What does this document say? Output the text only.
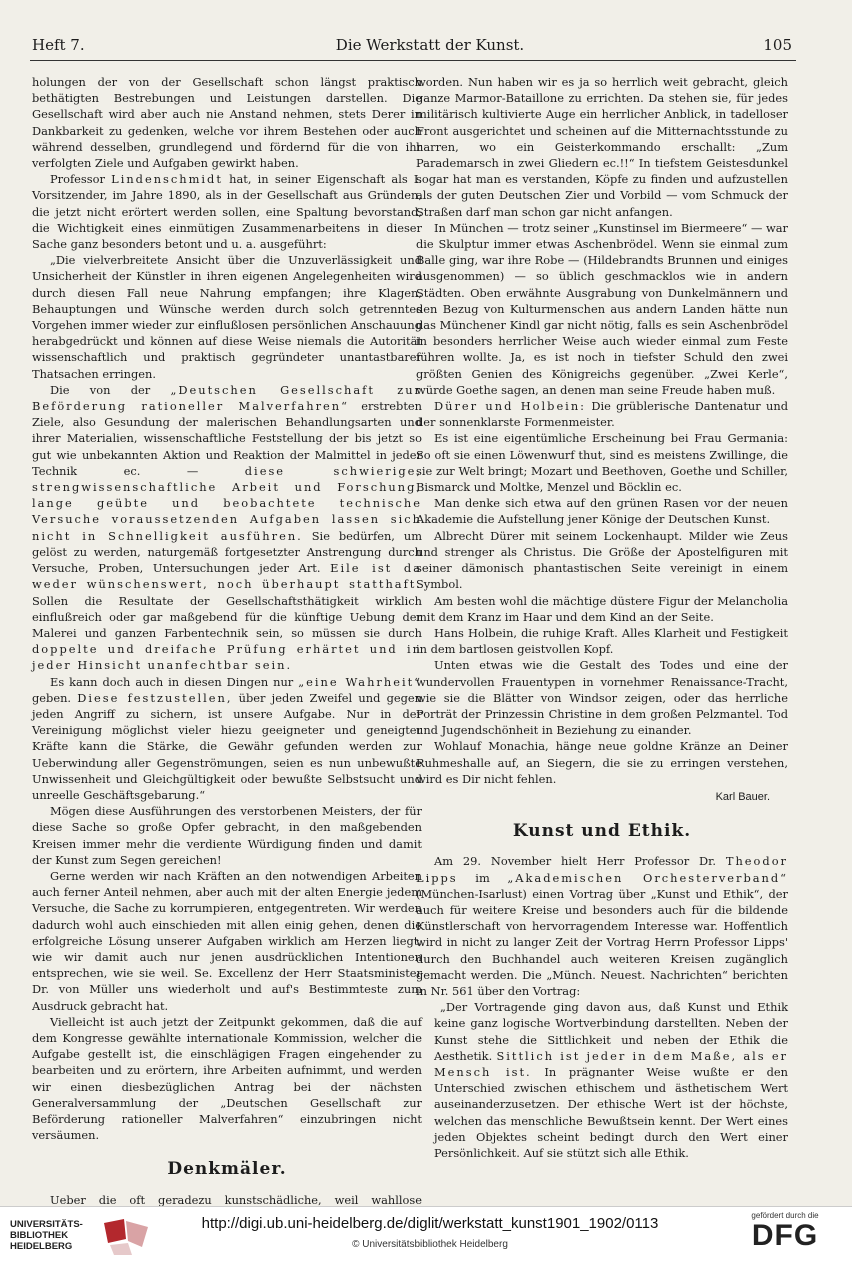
Heft 7.	Die Werkstatt der Kunst.	105

holungen der von der Gesellschaft schon längst praktisch bethätigten Bestrebungen und Leistungen darstellen. Die Gesellschaft wird aber auch nie Anstand nehmen, stets Derer in Dankbarkeit zu gedenken, welche vor ihrem Bestehen oder auch während desselben, grundlegend und fördernd für die von ihr verfolgten Ziele und Aufgaben gewirkt haben.

Professor Lindenschmidt hat, in seiner Eigenschaft als I. Vorsitzender, im Jahre 1890, als in der Gesellschaft aus Gründen, die jetzt nicht erörtert werden sollen, eine Spaltung bevorstand, die Wichtigkeit eines einmütigen Zusammenarbeitens in dieser Sache ganz besonders betont und u. a. ausgeführt:

„Die vielverbreitete Ansicht über die Unzuverlässigkeit und Unsicherheit der Künstler in ihren eigenen Angelegenheiten wird durch diesen Fall neue Nahrung empfangen; ihre Klagen, Behauptungen und Wünsche werden durch solch getrenntes Vorgehen immer wieder zur einflußlosen persönlichen Anschauung herabgedrückt und können auf diese Weise niemals die Autorität wissenschaftlich und praktisch gegründeter unantastbarer Thatsachen erringen.

Die von der „Deutschen Gesellschaft zur Beförderung rationeller Malverfahren“ erstrebten Ziele, also Gesundung der malerischen Behandlungsarten und ihrer Materialien, wissenschaftliche Feststellung der bis jetzt so gut wie unbekannten Aktion und Reaktion der Malmittel in jeder Technik ec. —	diese schwierige, strengwissenschaftliche Arbeit und Forschung, lange geübte und beobachtete technische Versuche voraussetzenden Aufgaben lassen sich nicht in Schnelligkeit ausführen. Sie bedürfen, um gelöst zu werden, naturgemäß fortgesetzter Anstrengung durch Versuche, Proben, Untersuchungen jeder Art. Eile ist da weder wünschenswert, noch überhaupt statthaft. Sollen die Resultate der Gesellschaftsthätigkeit wirklich einflußreich oder gar maßgebend für die künftige Uebung der Malerei und ganzen Farbentechnik sein, so müssen sie durch doppelte und dreifache Prüfung erhärtet und in jeder Hinsicht unanfechtbar sein.

Es kann doch auch in diesen Dingen nur „eine Wahrheit“ geben. Diese festzustellen, über jeden Zweifel und gegen jeden Angriff zu sichern, ist unsere Aufgabe. Nur in der Vereinigung möglichst vieler hiezu geeigneter und geneigter Kräfte kann die Stärke, die Gewähr gefunden werden zur Ueberwindung aller Gegenströmungen, seien es nun unbewußte Unwissenheit und Gleichgültigkeit oder bewußte Selbstsucht und unreelle Geschäftsgebarung.“

Mögen diese Ausführungen des verstorbenen Meisters, der für diese Sache so große Opfer gebracht, in den maßgebenden Kreisen immer mehr die verdiente Würdigung finden und damit der Kunst zum Segen gereichen!

Gerne werden wir nach Kräften an den notwendigen Arbeiten auch ferner Anteil nehmen, aber auch mit der alten Energie jedem Versuche, die Sache zu korrumpieren, entgegentreten. Wir werden dadurch wohl auch einschieden mit allen einig gehen, denen die erfolgreiche Lösung unserer Aufgaben wirklich am Herzen liegt, wie wir damit auch nur jenen ausdrücklichen Intentionen entsprechen, wie sie weil. Se. Excellenz der Herr Staatsminister Dr. von Müller uns wiederholt und auf's Bestimmteste zum Ausdruck gebracht hat.

Vielleicht ist auch jetzt der Zeitpunkt gekommen, daß die auf dem Kongresse gewählte internationale Kommission, welcher die Aufgabe gestellt ist, die einschlägigen Fragen eingehender zu bearbeiten und zu erörtern, ihre Arbeiten aufnimmt, und werden wir einen diesbezüglichen Antrag bei der nächsten Generalversammlung der „Deutschen Gesellschaft zur Beförderung rationeller Malverfahren“ einzubringen nicht versäumen.

Denkmäler.

Ueber die oft geradezu kunstschädliche, weil wahllose

worden. Nun haben wir es ja so herrlich weit gebracht, gleich ganze Marmor-Bataillone zu errichten. Da stehen sie, für jedes militärisch kultivierte Auge ein herrlicher Anblick, in tadelloser Front ausgerichtet und scheinen auf die Mitternachtsstunde zu harren, wo ein Geisterkommando erschallt: „Zum Parademarsch in zwei Gliedern ec.!!“ In tiefstem Geistesdunkel sogar hat man es verstanden, Köpfe zu finden und aufzustellen als der guten Deutschen Zier und Vorbild — vom Schmuck der Straßen darf man schon gar nicht anfangen.

In München — trotz seiner „Kunstinsel im Biermeere“ — war die Skulptur immer etwas Aschenbrödel. Wenn sie einmal zum Balle ging, war ihre Robe — (Hildebrandts Brunnen und einiges ausgenommen) — so üblich geschmacklos wie in andern Städten. Oben erwähnte Ausgrabung von Dunkelmännern und den Bezug von Kulturmenschen aus andern Landen hätte nun das Münchener Kindl gar nicht nötig, falls es sein Aschenbrödel in besonders herrlicher Weise auch wieder einmal zum Feste führen wollte. Ja, es ist noch in tiefster Schuld den zwei größten Genien des Königreichs gegenüber. „Zwei Kerle“, würde Goethe sagen, an denen man seine Freude haben muß.

Dürer und Holbein: Die grüblerische Dantenatur und der sonnenklarste Formenmeister.

Es ist eine eigentümliche Erscheinung bei Frau Germania: So oft sie einen Löwenwurf thut, sind es meistens Zwillinge, die sie zur Welt bringt; Mozart und Beethoven, Goethe und Schiller, Bismarck und Moltke, Menzel und Böcklin ec.

Man denke sich etwa auf den grünen Rasen vor der neuen Akademie die Aufstellung jener Könige der Deutschen Kunst.

Albrecht Dürer mit seinem Lockenhaupt. Milder wie Zeus und strenger als Christus. Die Größe der Apostelfiguren mit seiner dämonisch phantastischen Seite vereinigt in einem Symbol.

Am besten wohl die mächtige düstere Figur der Melancholia mit dem Kranz im Haar und dem Kind an der Seite.

Hans Holbein, die ruhige Kraft. Alles Klarheit und Festigkeit in dem bartlosen geistvollen Kopf.

Unten etwas wie die Gestalt des Todes und eine der wundervollen Frauentypen in vornehmer Renaissance-Tracht, wie sie die Blätter von Windsor zeigen, oder das herrliche Porträt der Prinzessin Christine in dem großen Pelzmantel. Tod und Jugendschönheit in Beziehung zu einander.

Wohlauf Monachia, hänge neue goldne Kränze an Deiner Ruhmeshalle auf, an Siegern, die sie zu erringen verstehen, wird es Dir nicht fehlen.

Karl Bauer.
Kunst und Ethik.

Am 29. November hielt Herr Professor Dr. Theodor Lipps im „Akademischen Orchesterverband“ (München-Isarlust) einen Vortrag über „Kunst und Ethik“, der auch für weitere Kreise und besonders auch für die bildende Künstlerschaft von hervorragendem Interesse war. Hoffentlich wird in nicht zu langer Zeit der Vortrag Herrn Professor Lipps' durch den Buchhandel auch weiteren Kreisen zugänglich gemacht werden. Die „Münch. Neuest. Nachrichten“ berichten in Nr. 561 über den Vortrag:

„Der Vortragende ging davon aus, daß Kunst und Ethik keine ganz logische Wortverbindung darstellten. Neben der Kunst stehe die Sittlichkeit und neben der Ethik die Aesthetik. Sittlich ist jeder in dem Maße, als er Mensch ist. In prägnanter Weise wußte er den Unterschied zwischen ethischem und ästhetischem Wert auseinanderzusetzen. Der ethische Wert ist der höchste, welchen das menschliche Bewußtsein kennt. Der Wert eines jeden Objektes scheint bedingt durch den Wert einer Persönlichkeit. Auf sie stützt sich alle Ethik.

UNIVERSITÄTS-
BIBLIOTHEK
HEIDELBERG
http://digi.ub.uni-heidelberg.de/diglit/werkstatt_kunst1901_1902/0113
© Universitätsbibliothek Heidelberg
gefördert durch die
DFG
